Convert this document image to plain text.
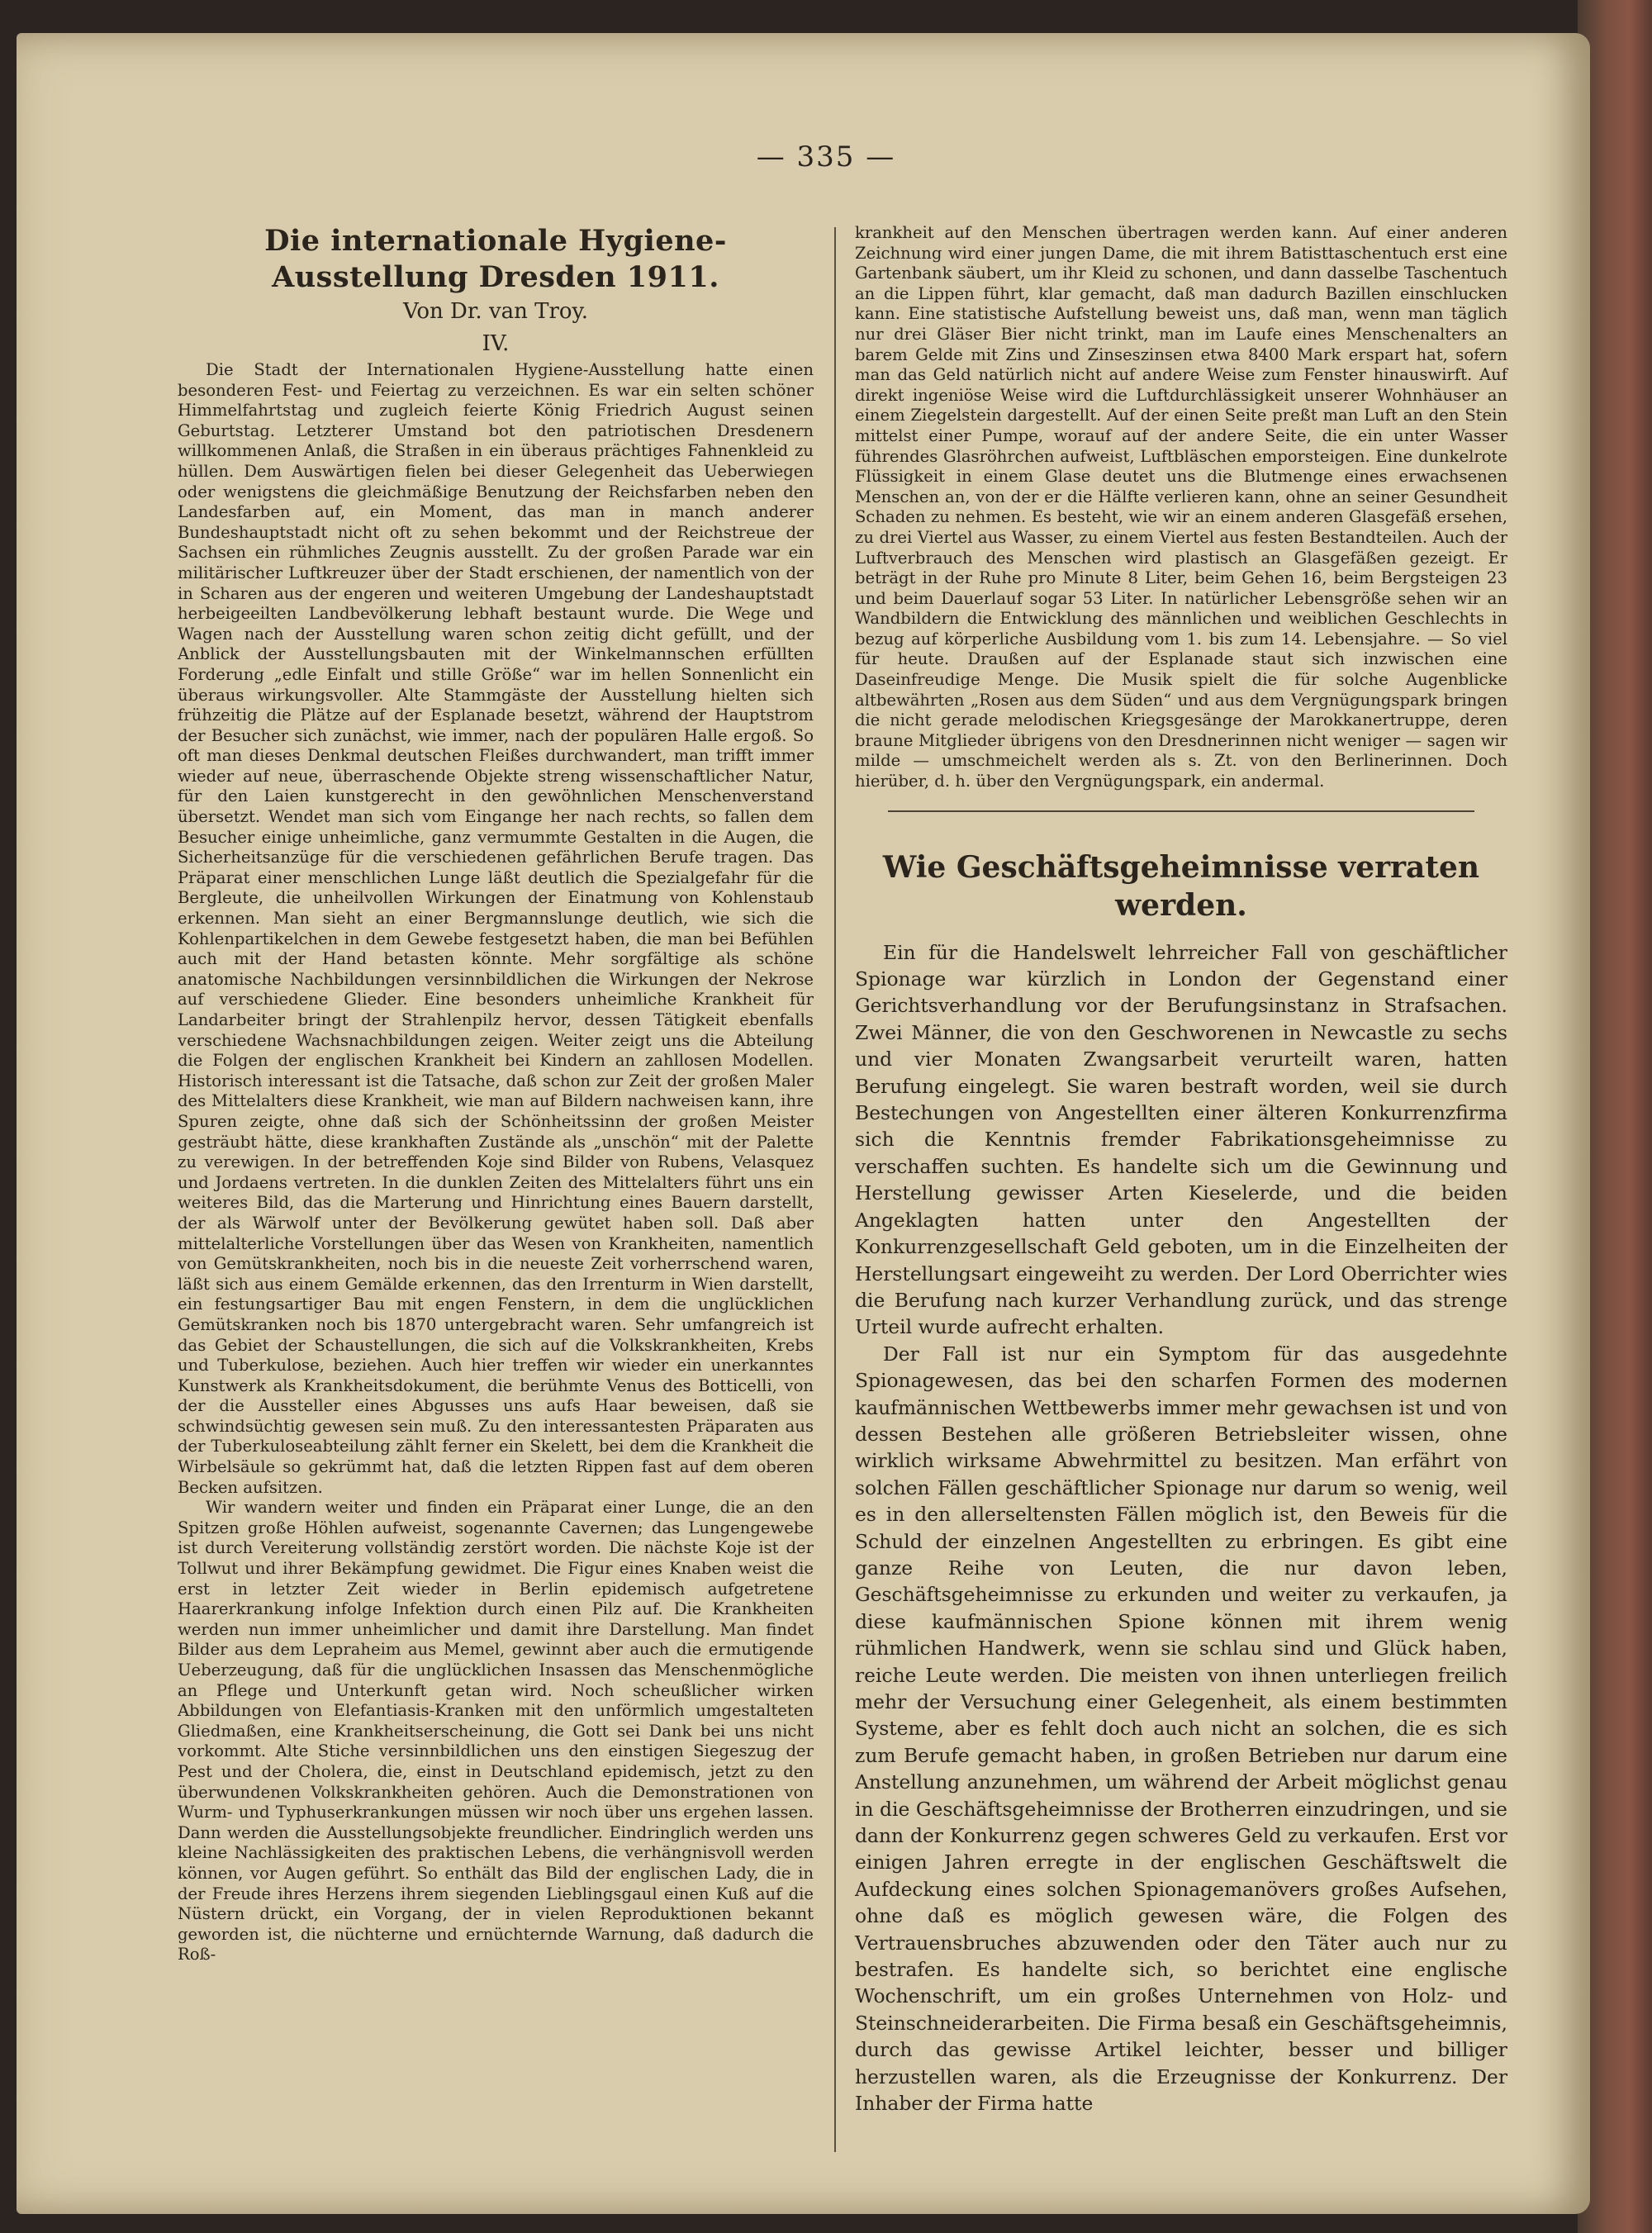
— 335 —
Die internationale Hygiene-Ausstellung Dresden 1911.
Von Dr. van Troy.
IV.

Die Stadt der Internationalen Hygiene-Ausstellung hatte einen besonderen Fest- und Feiertag zu verzeichnen. Es war ein selten schöner Himmelfahrtstag und zugleich feierte König Friedrich August seinen Geburtstag. Letzterer Umstand bot den patriotischen Dresdenern willkommenen Anlaß, die Straßen in ein überaus prächtiges Fahnenkleid zu hüllen. Dem Auswärtigen fielen bei dieser Gelegenheit das Ueberwiegen oder wenigstens die gleichmäßige Benutzung der Reichsfarben neben den Landesfarben auf, ein Moment, das man in manch anderer Bundeshauptstadt nicht oft zu sehen bekommt und der Reichstreue der Sachsen ein rühmliches Zeugnis ausstellt. Zu der großen Parade war ein militärischer Luftkreuzer über der Stadt erschienen, der namentlich von der in Scharen aus der engeren und weiteren Umgebung der Landeshauptstadt herbeigeeilten Landbevölkerung lebhaft bestaunt wurde. Die Wege und Wagen nach der Ausstellung waren schon zeitig dicht gefüllt, und der Anblick der Ausstellungsbauten mit der Winkelmannschen erfüllten Forderung „edle Einfalt und stille Größe“ war im hellen Sonnenlicht ein überaus wirkungsvoller. Alte Stammgäste der Ausstellung hielten sich frühzeitig die Plätze auf der Esplanade besetzt, während der Hauptstrom der Besucher sich zunächst, wie immer, nach der populären Halle ergoß. So oft man dieses Denkmal deutschen Fleißes durchwandert, man trifft immer wieder auf neue, überraschende Objekte streng wissenschaftlicher Natur, für den Laien kunstgerecht in den gewöhnlichen Menschenverstand übersetzt. Wendet man sich vom Eingange her nach rechts, so fallen dem Besucher einige unheimliche, ganz vermummte Gestalten in die Augen, die Sicherheitsanzüge für die verschiedenen gefährlichen Berufe tragen. Das Präparat einer menschlichen Lunge läßt deutlich die Spezialgefahr für die Bergleute, die unheilvollen Wirkungen der Einatmung von Kohlenstaub erkennen. Man sieht an einer Bergmannslunge deutlich, wie sich die Kohlenpartikelchen in dem Gewebe festgesetzt haben, die man bei Befühlen auch mit der Hand betasten könnte. Mehr sorgfältige als schöne anatomische Nachbildungen versinnbildlichen die Wirkungen der Nekrose auf verschiedene Glieder. Eine besonders unheimliche Krankheit für Landarbeiter bringt der Strahlenpilz hervor, dessen Tätigkeit ebenfalls verschiedene Wachsnachbildungen zeigen. Weiter zeigt uns die Abteilung die Folgen der englischen Krankheit bei Kindern an zahllosen Modellen. Historisch interessant ist die Tatsache, daß schon zur Zeit der großen Maler des Mittelalters diese Krankheit, wie man auf Bildern nachweisen kann, ihre Spuren zeigte, ohne daß sich der Schönheitssinn der großen Meister gesträubt hätte, diese krankhaften Zustände als „unschön“ mit der Palette zu verewigen. In der betreffenden Koje sind Bilder von Rubens, Velasquez und Jordaens vertreten. In die dunklen Zeiten des Mittelalters führt uns ein weiteres Bild, das die Marterung und Hinrichtung eines Bauern darstellt, der als Wärwolf unter der Bevölkerung gewütet haben soll. Daß aber mittelalterliche Vorstellungen über das Wesen von Krankheiten, namentlich von Gemütskrankheiten, noch bis in die neueste Zeit vorherrschend waren, läßt sich aus einem Gemälde erkennen, das den Irrenturm in Wien darstellt, ein festungsartiger Bau mit engen Fenstern, in dem die unglücklichen Gemütskranken noch bis 1870 untergebracht waren. Sehr umfangreich ist das Gebiet der Schaustellungen, die sich auf die Volkskrankheiten, Krebs und Tuberkulose, beziehen. Auch hier treffen wir wieder ein unerkanntes Kunstwerk als Krankheitsdokument, die berühmte Venus des Botticelli, von der die Aussteller eines Abgusses uns aufs Haar beweisen, daß sie schwindsüchtig gewesen sein muß. Zu den interessantesten Präparaten aus der Tuberkuloseabteilung zählt ferner ein Skelett, bei dem die Krankheit die Wirbelsäule so gekrümmt hat, daß die letzten Rippen fast auf dem oberen Becken aufsitzen.

Wir wandern weiter und finden ein Präparat einer Lunge, die an den Spitzen große Höhlen aufweist, sogenannte Cavernen; das Lungengewebe ist durch Vereiterung vollständig zerstört worden. Die nächste Koje ist der Tollwut und ihrer Bekämpfung gewidmet. Die Figur eines Knaben weist die erst in letzter Zeit wieder in Berlin epidemisch aufgetretene Haarerkrankung infolge Infektion durch einen Pilz auf. Die Krankheiten werden nun immer unheimlicher und damit ihre Darstellung. Man findet Bilder aus dem Lepraheim aus Memel, gewinnt aber auch die ermutigende Ueberzeugung, daß für die unglücklichen Insassen das Menschenmögliche an Pflege und Unterkunft getan wird. Noch scheußlicher wirken Abbildungen von Elefantiasis-Kranken mit den unförmlich umgestalteten Gliedmaßen, eine Krankheitserscheinung, die Gott sei Dank bei uns nicht vorkommt. Alte Stiche versinnbildlichen uns den einstigen Siegeszug der Pest und der Cholera, die, einst in Deutschland epidemisch, jetzt zu den überwundenen Volkskrankheiten gehören. Auch die Demonstrationen von Wurm- und Typhuserkrankungen müssen wir noch über uns ergehen lassen. Dann werden die Ausstellungsobjekte freundlicher. Eindringlich werden uns kleine Nachlässigkeiten des praktischen Lebens, die verhängnisvoll werden können, vor Augen geführt. So enthält das Bild der englischen Lady, die in der Freude ihres Herzens ihrem siegenden Lieblingsgaul einen Kuß auf die Nüstern drückt, ein Vorgang, der in vielen Reproduktionen bekannt geworden ist, die nüchterne und ernüchternde Warnung, daß dadurch die Roß-

krankheit auf den Menschen übertragen werden kann. Auf einer anderen Zeichnung wird einer jungen Dame, die mit ihrem Batisttaschentuch erst eine Gartenbank säubert, um ihr Kleid zu schonen, und dann dasselbe Taschentuch an die Lippen führt, klar gemacht, daß man dadurch Bazillen einschlucken kann. Eine statistische Aufstellung beweist uns, daß man, wenn man täglich nur drei Gläser Bier nicht trinkt, man im Laufe eines Menschenalters an barem Gelde mit Zins und Zinseszinsen etwa 8400 Mark erspart hat, sofern man das Geld natürlich nicht auf andere Weise zum Fenster hinauswirft. Auf direkt ingeniöse Weise wird die Luftdurchlässigkeit unserer Wohnhäuser an einem Ziegelstein dargestellt. Auf der einen Seite preßt man Luft an den Stein mittelst einer Pumpe, worauf auf der andere Seite, die ein unter Wasser führendes Glasröhrchen aufweist, Luftbläschen emporsteigen. Eine dunkelrote Flüssigkeit in einem Glase deutet uns die Blutmenge eines erwachsenen Menschen an, von der er die Hälfte verlieren kann, ohne an seiner Gesundheit Schaden zu nehmen. Es besteht, wie wir an einem anderen Glasgefäß ersehen, zu drei Viertel aus Wasser, zu einem Viertel aus festen Bestandteilen. Auch der Luftverbrauch des Menschen wird plastisch an Glasgefäßen gezeigt. Er beträgt in der Ruhe pro Minute 8 Liter, beim Gehen 16, beim Bergsteigen 23 und beim Dauerlauf sogar 53 Liter. In natürlicher Lebensgröße sehen wir an Wandbildern die Entwicklung des männlichen und weiblichen Geschlechts in bezug auf körperliche Ausbildung vom 1. bis zum 14. Lebensjahre. — So viel für heute. Draußen auf der Esplanade staut sich inzwischen eine Daseinfreudige Menge. Die Musik spielt die für solche Augenblicke altbewährten „Rosen aus dem Süden“ und aus dem Vergnügungspark bringen die nicht gerade melodischen Kriegsgesänge der Marokkanertruppe, deren braune Mitglieder übrigens von den Dresdnerinnen nicht weniger — sagen wir milde — umschmeichelt werden als s. Zt. von den Berlinerinnen. Doch hierüber, d. h. über den Vergnügungspark, ein andermal.

Wie Geschäftsgeheimnisse verraten werden.

Ein für die Handelswelt lehrreicher Fall von geschäftlicher Spionage war kürzlich in London der Gegenstand einer Gerichtsverhandlung vor der Berufungsinstanz in Strafsachen. Zwei Männer, die von den Geschworenen in Newcastle zu sechs und vier Monaten Zwangsarbeit verurteilt waren, hatten Berufung eingelegt. Sie waren bestraft worden, weil sie durch Bestechungen von Angestellten einer älteren Konkurrenzfirma sich die Kenntnis fremder Fabrikationsgeheimnisse zu verschaffen suchten. Es handelte sich um die Gewinnung und Herstellung gewisser Arten Kieselerde, und die beiden Angeklagten hatten unter den Angestellten der Konkurrenzgesellschaft Geld geboten, um in die Einzelheiten der Herstellungsart eingeweiht zu werden. Der Lord Oberrichter wies die Berufung nach kurzer Verhandlung zurück, und das strenge Urteil wurde aufrecht erhalten.

Der Fall ist nur ein Symptom für das ausgedehnte Spionagewesen, das bei den scharfen Formen des modernen kaufmännischen Wettbewerbs immer mehr gewachsen ist und von dessen Bestehen alle größeren Betriebsleiter wissen, ohne wirklich wirksame Abwehrmittel zu besitzen. Man erfährt von solchen Fällen geschäftlicher Spionage nur darum so wenig, weil es in den allerseltensten Fällen möglich ist, den Beweis für die Schuld der einzelnen Angestellten zu erbringen. Es gibt eine ganze Reihe von Leuten, die nur davon leben, Geschäftsgeheimnisse zu erkunden und weiter zu verkaufen, ja diese kaufmännischen Spione können mit ihrem wenig rühmlichen Handwerk, wenn sie schlau sind und Glück haben, reiche Leute werden. Die meisten von ihnen unterliegen freilich mehr der Versuchung einer Gelegenheit, als einem bestimmten Systeme, aber es fehlt doch auch nicht an solchen, die es sich zum Berufe gemacht haben, in großen Betrieben nur darum eine Anstellung anzunehmen, um während der Arbeit möglichst genau in die Geschäftsgeheimnisse der Brotherren einzudringen, und sie dann der Konkurrenz gegen schweres Geld zu verkaufen. Erst vor einigen Jahren erregte in der englischen Geschäftswelt die Aufdeckung eines solchen Spionagemanövers großes Aufsehen, ohne daß es möglich gewesen wäre, die Folgen des Vertrauensbruches abzuwenden oder den Täter auch nur zu bestrafen. Es handelte sich, so berichtet eine englische Wochenschrift, um ein großes Unternehmen von Holz- und Steinschneiderarbeiten. Die Firma besaß ein Geschäftsgeheimnis, durch das gewisse Artikel leichter, besser und billiger herzustellen waren, als die Erzeugnisse der Konkurrenz. Der Inhaber der Firma hatte
